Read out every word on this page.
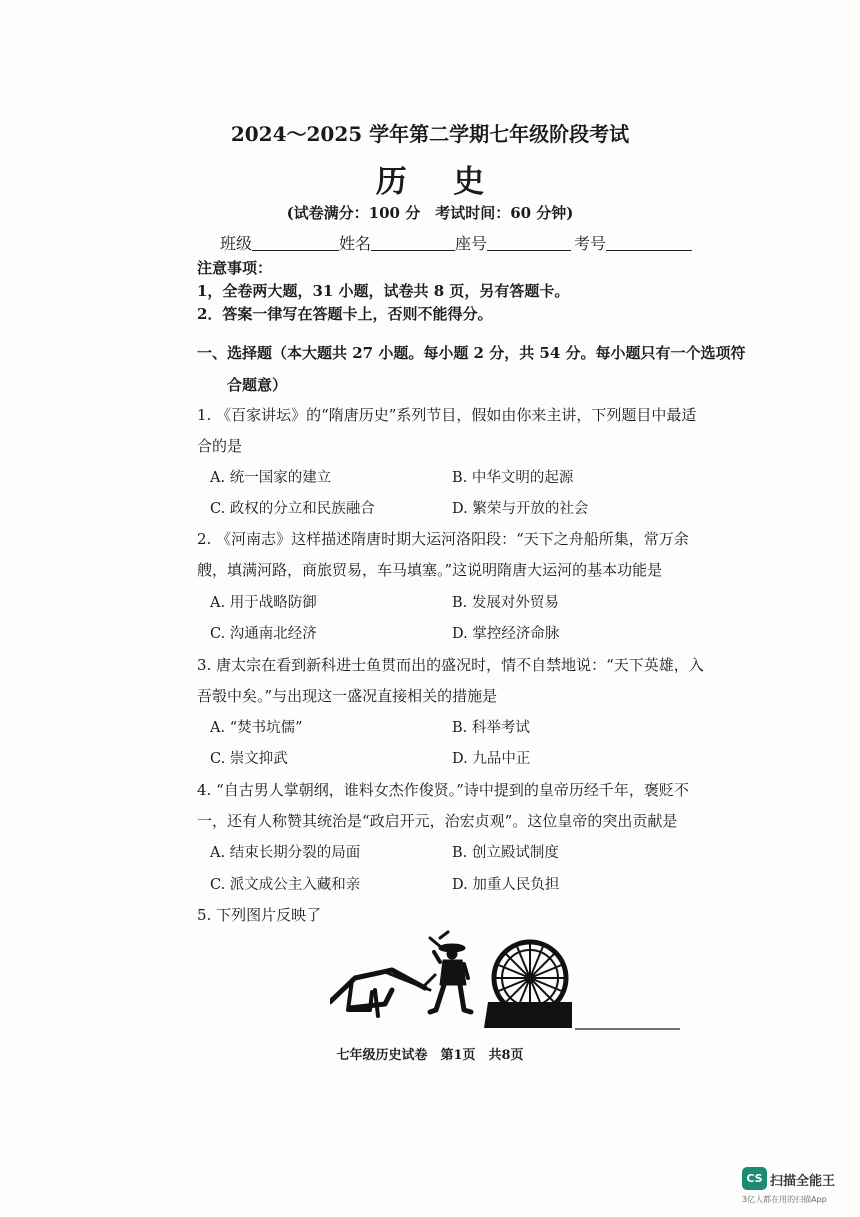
2024～2025 学年第二学期七年级阶段考试
历 史
(试卷满分：100 分　考试时间：60 分钟)
班级	姓名	座号	考号
注意事项：
1，全卷两大题，31 小题，试卷共 8 页，另有答题卡。
2．答案一律写在答题卡上，否则不能得分。
一、选择题（本大题共 27 小题。每小题 2 分，共 54 分。每小题只有一个选项符
合题意）
1. 《百家讲坛》的“隋唐历史”系列节目，假如由你来主讲，下列题目中最适
合的是
A. 统一国家的建立	B. 中华文明的起源
C. 政权的分立和民族融合	D. 繁荣与开放的社会
2. 《河南志》这样描述隋唐时期大运河洛阳段：“天下之舟船所集，常万余
艘，填满河路，商旅贸易，车马填塞。”这说明隋唐大运河的基本功能是
A. 用于战略防御	B. 发展对外贸易
C. 沟通南北经济	D. 掌控经济命脉
3. 唐太宗在看到新科进士鱼贯而出的盛况时，情不自禁地说：“天下英雄，入
吾彀中矣。”与出现这一盛况直接相关的措施是
A. “焚书坑儒”	B. 科举考试
C. 崇文抑武	D. 九品中正
4. “自古男人掌朝纲，谁料女杰作俊贤。”诗中提到的皇帝历经千年，褒贬不
一，还有人称赞其统治是“政启开元，治宏贞观”。这位皇帝的突出贡献是
A. 结束长期分裂的局面	B. 创立殿试制度
C. 派文成公主入藏和亲	D. 加重人民负担
5. 下列图片反映了
七年级历史试卷　第1页　共8页
CS 扫描全能王
3亿人都在用的扫描App
